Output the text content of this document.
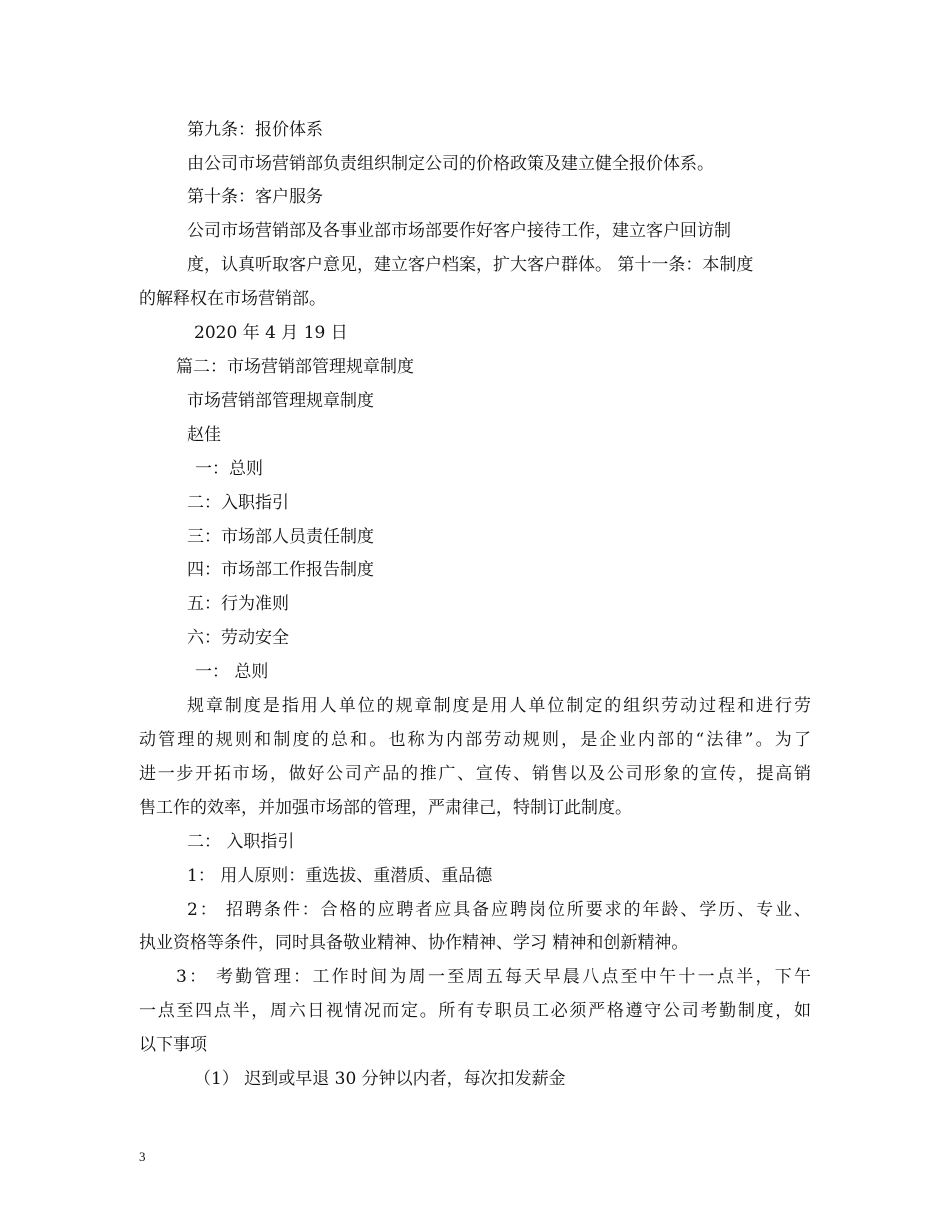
第九条：报价体系
由公司市场营销部负责组织制定公司的价格政策及建立健全报价体系。
第十条：客户服务
公司市场营销部及各事业部市场部要作好客户接待工作，建立客户回访制
度，认真听取客户意见，建立客户档案，扩大客户群体。 第十一条：本制度
的解释权在市场营销部。
2020 年 4 月 19 日
篇二：市场营销部管理规章制度
市场营销部管理规章制度
赵佳
一：总则
二：入职指引
三：市场部人员责任制度
四：市场部工作报告制度
五：行为准则
六：劳动安全
一： 总则
规章制度是指用人单位的规章制度是用人单位制定的组织劳动过程和进行劳
动管理的规则和制度的总和。也称为内部劳动规则，是企业内部的“法律”。为了
进一步开拓市场，做好公司产品的推广、宣传、销售以及公司形象的宣传，提高销
售工作的效率，并加强市场部的管理，严肃律己，特制订此制度。
二： 入职指引
1： 用人原则：重选拔、重潜质、重品德
2： 招聘条件：合格的应聘者应具备应聘岗位所要求的年龄、学历、专业、
执业资格等条件，同时具备敬业精神、协作精神、学习 精神和创新精神。
3： 考勤管理：工作时间为周一至周五每天早晨八点至中午十一点半，下午
一点至四点半，周六日视情况而定。所有专职员工必须严格遵守公司考勤制度，如
以下事项
（1） 迟到或早退 30 分钟以内者，每次扣发薪金
3
